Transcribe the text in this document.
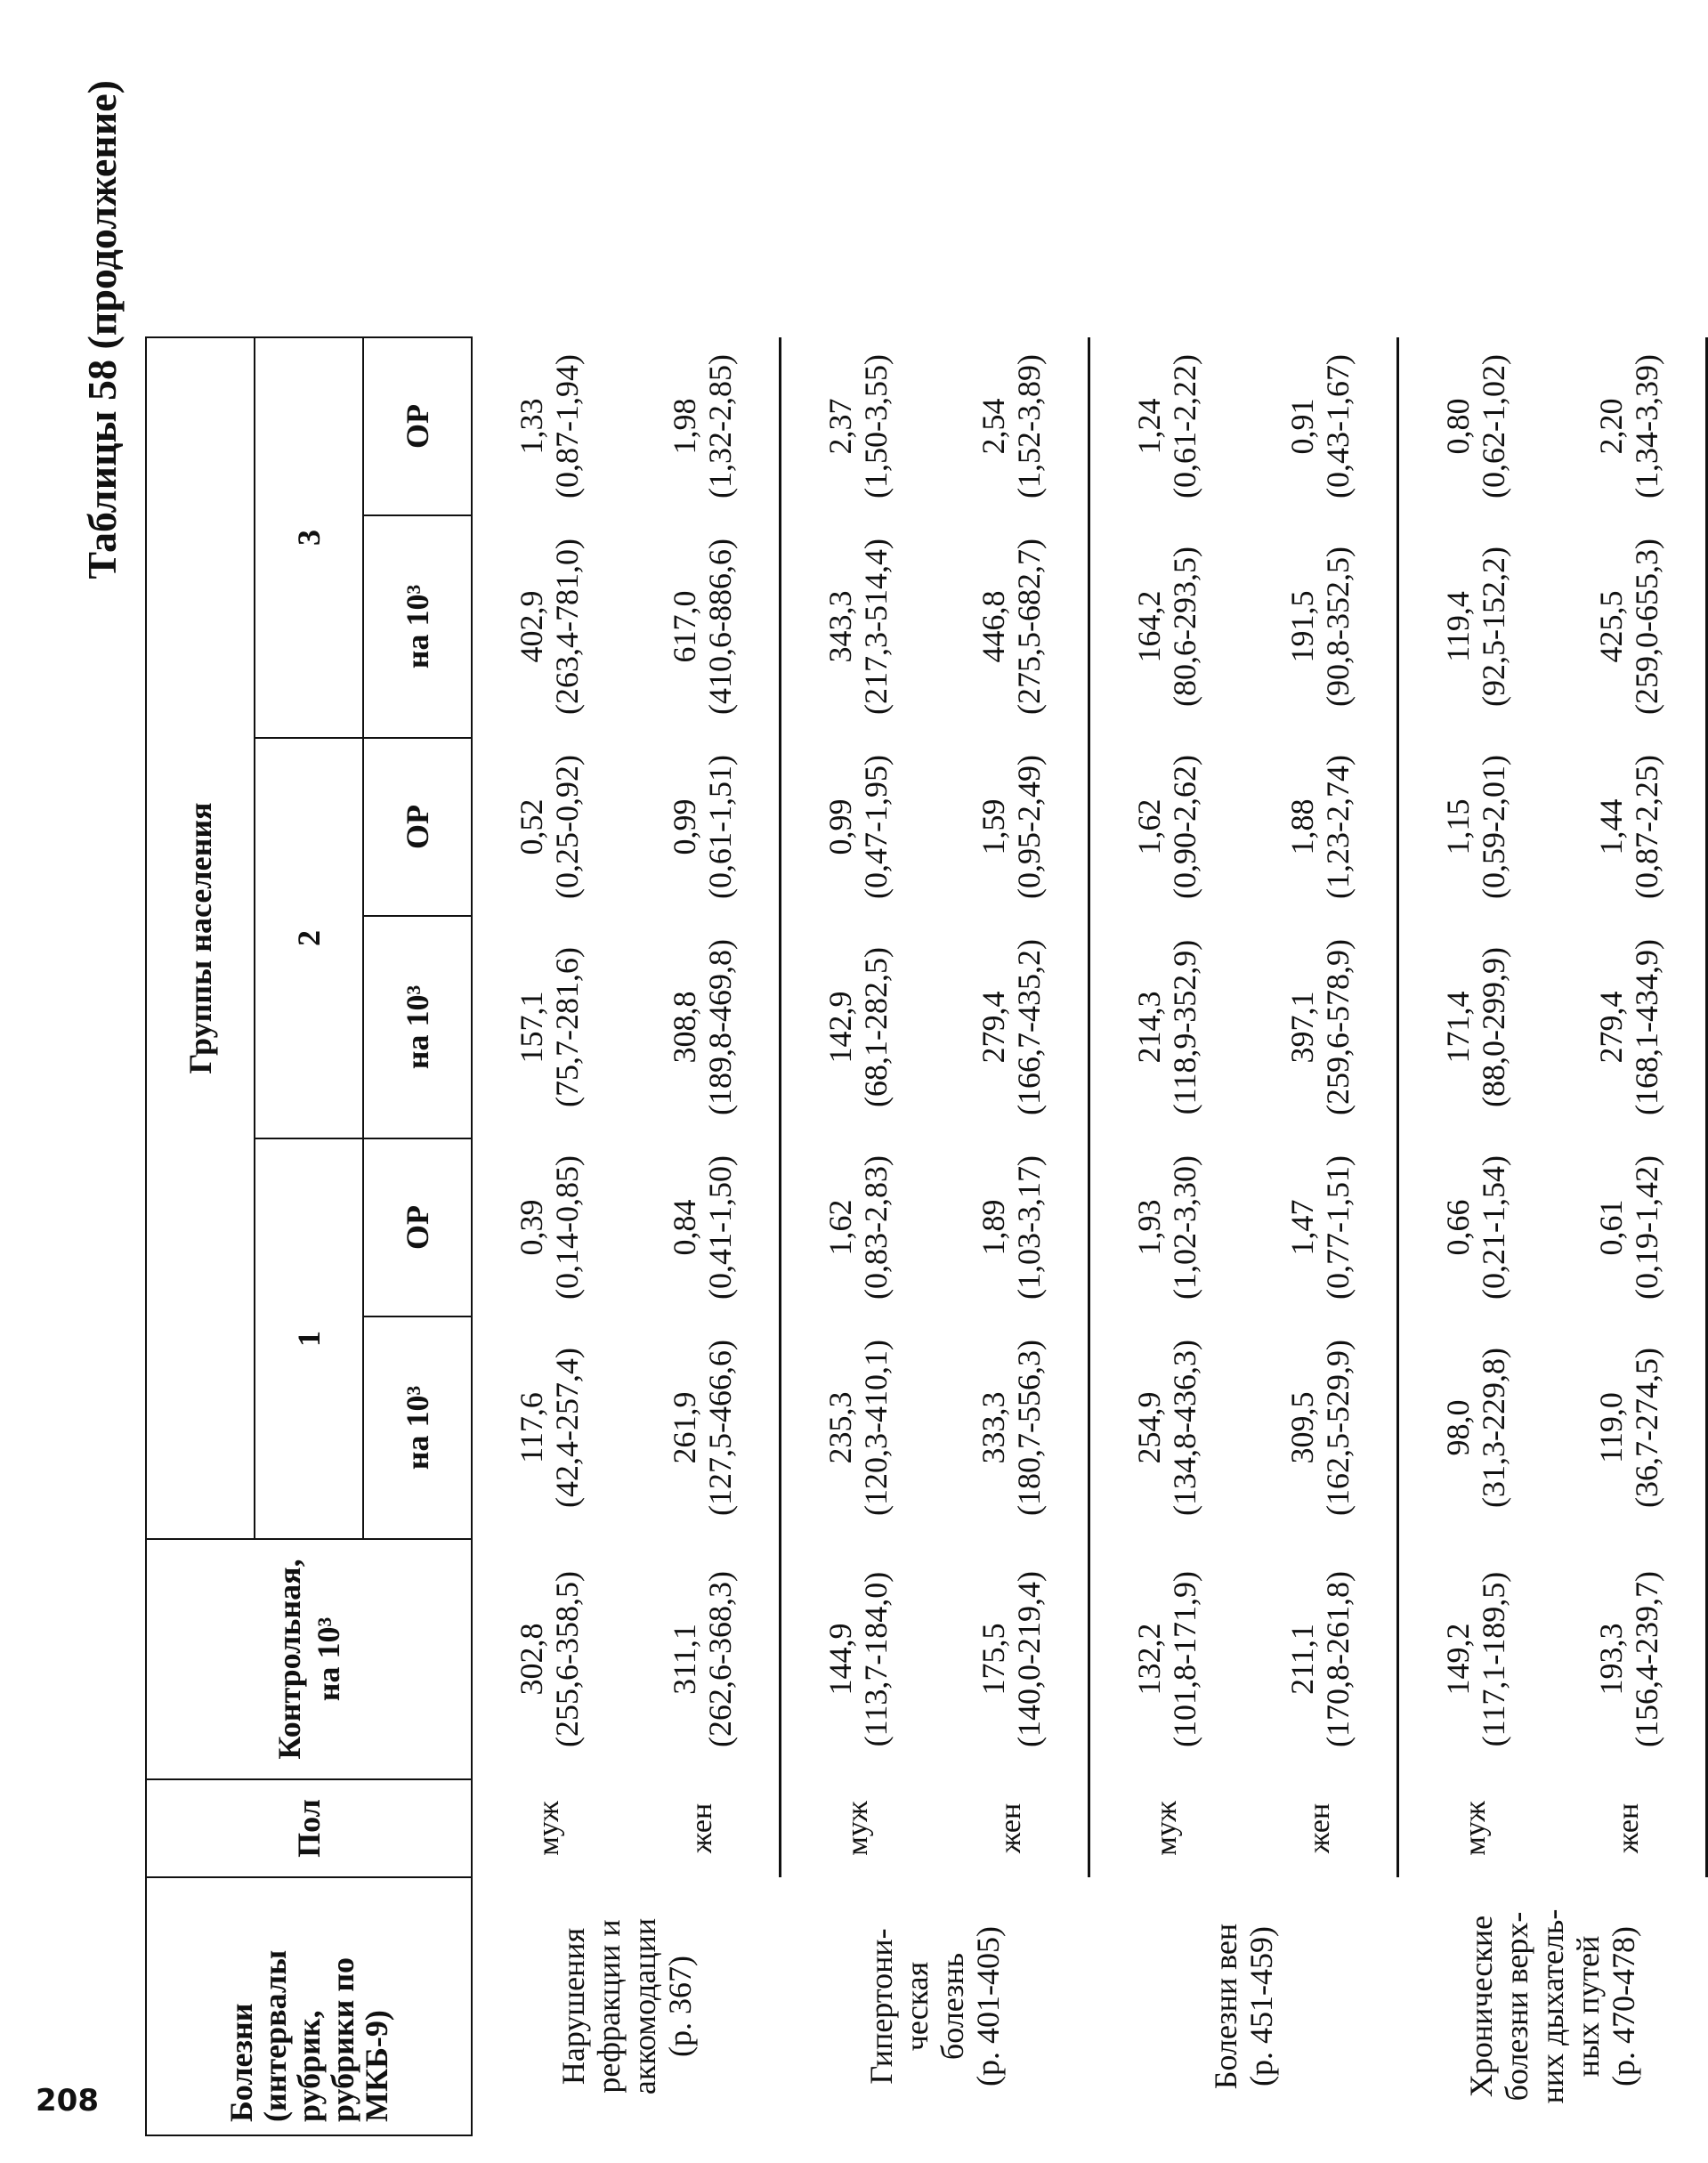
208
Таблицы 58 (продолжение)
Болезни
(интервалы
рубрик,
рубрики по
МКБ-9)	Пол	Контрольная, на 10³	Группы населения						
			1		2		3		
			на 10³	ОР	на 10³	ОР	на 10³	ОР	
Нарушения
рефракции и
аккомодации
(р. 367)	муж	302,8 (255,6-358,5)	117,6 (42,4-257,4)	0,39 (0,14-0,85)	157,1 (75,7-281,6)	0,52 (0,25-0,92)	402,9 (263,4-781,0)	1,33 (0,87-1,94)	

	жен	311,1 (262,6-368,3)	261,9 (127,5-466,6)	0,84 (0,41-1,50)	308,8 (189,8-469,8)	0,99 (0,61-1,51)	617,0 (410,6-886,6)	1,98 (1,32-2,85)	

Гипертони-
ческая
болезнь
(р. 401-405)	муж	144,9 (113,7-184,0)	235,3 (120,3-410,1)	1,62 (0,83-2,83)	142,9 (68,1-282,5)	0,99 (0,47-1,95)	343,3 (217,3-514,4)	2,37 (1,50-3,55)	

	жен	175,5 (140,0-219,4)	333,3 (180,7-556,3)	1,89 (1,03-3,17)	279,4 (166,7-435,2)	1,59 (0,95-2,49)	446,8 (275,5-682,7)	2,54 (1,52-3,89)	

Болезни вен
(р. 451-459)	муж	132,2 (101,8-171,9)	254,9 (134,8-436,3)	1,93 (1,02-3,30)	214,3 (118,9-352,9)	1,62 (0,90-2,62)	164,2 (80,6-293,5)	1,24 (0,61-2,22)	

	жен	211,1 (170,8-261,8)	309,5 (162,5-529,9)	1,47 (0,77-1,51)	397,1 (259,6-578,9)	1,88 (1,23-2,74)	191,5 (90,8-352,5)	0,91 (0,43-1,67)	

Хронические
болезни верх-
них дыхатель-
ных путей
(р. 470-478)	муж	149,2 (117,1-189,5)	98,0 (31,3-229,8)	0,66 (0,21-1,54)	171,4 (88,0-299,9)	1,15 (0,59-2,01)	119,4 (92,5-152,2)	0,80 (0,62-1,02)	

	жен	193,3 (156,4-239,7)	119,0 (36,7-274,5)	0,61 (0,19-1,42)	279,4 (168,1-434,9)	1,44 (0,87-2,25)	425,5 (259,0-655,3)	2,20 (1,34-3,39)	
